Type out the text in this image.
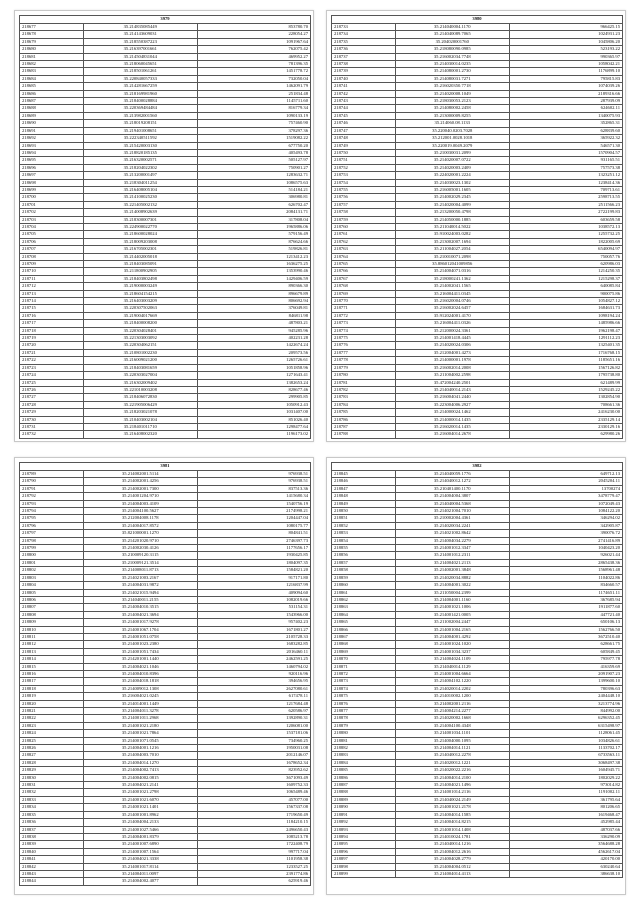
3979		
218677	35.214835085449	853780.70
218678	35.214143609031	228054.27
218679	35.218550387223	1091967.64
218680	35.216397001661	762075.42
218681	35.214504831044	469952.27
218682	35.218060045651	781396.35
218683	35.218501061261	1451778.72
218684	35.220840057333	732050.04
218685	35.214281667259	1462091.79
218686	35.218169981960	251834.48
218687	35.218400028884	1145711.60
218688	35.220369484484	816779.34
218689	35.213982001560	1090133.19
218690	35.218019208151	757460.90
218691	35.219401008651	378297.36
218692	35.222340511592	1519082.22
218693	35.215420003130	677750.20
218694	35.218820185135	405493.78
218695	35.216320002571	505127.97
218696	35.218204022302	750901.27
218697	35.213200001497	1283632.71
218698	35.218304011254	1086575.63
218699	35.216408005104	514184.21
218700	35.214100025230	306980.81
218701	35.221405002132	626702.47
218702	35.214008902639	2084131.71
218703	35.218300007301	317808.04
218704	35.224900022770	1965886.06
218705	35.218600028024	579156.49
218706	35.218009203008	876624.66
218707	35.216705002301	519826.81
218708	35.214402005018	1213412.23
218709	35.218403085091	1636275.25
218710	35.211800902905	1353990.46
218711	35.218403802498	1429406.59
218712	35.219000003249	890366.30
218713	35.218604154215	896679.89
218714	35.216403003209	806692.94
218715	35.220307502063	376049.81
218716	35.219004017669	846811.98
218717	35.218400008200	487803.21
218718	35.220304028401	945285.96
218719	35.221303003092	402231.28
218720	35.220304062151	1422674.24
218721	35.210801002230	209573.56
218722	35.216009021200	1265726.61
218723	35.218403081659	1051858.96
218724	35.220303027004	1271643.41
218725	35.216302009402	1382653.24
218726	35.221010003208	828677.46
218727	35.218406072830	299905.85
218728	35.221905006429	1050912.43
218729	35.218203021078	1031407.00
218730	35.210403002104	851026.40
218731	35.218401011710	1298477.64
218732	35.216408002320	1196173.02
3980		
218733	35.214040004.1170	966425.15
218734	35.214040089.7065	1024931.23
218735	35.204020001760	1045806.20
218736	35.218080090.0985	523193.22
218737	35.216002034.7748	990365.97
218738	35.214030014.0235	1058042.21
218739	35.214080001.2730	1176899.10
218740	35.214080031.7271	795815.83
218741	35.216020350.7718	1074039.26
218742	35.214020008.1049	2189316.66
218743	35.218030053.2123	287939.09
218744	35.214080002.2458	624602.11
218745	35.213000009.8255	1340075.93
218746	35.214060.08.1133	352865.31
218747	35.220040.0203.7028	628839.60
218748	35.212001.0028.1018	365922.32
218749	35.220019.0049.2079	546571.30
218750	35.210030031.2099	1570904.57
218751	35.214020007.0722	931165.51
218752	35.214020003.2409	757573.38
218753	35.224020001.2224	1323251.12
218754	35.214030023.1302	1238414.36
218755	35.216005001.1605	709713.61
218756	35.214002029.2345	2598713.55
218757	35.214020004.4099	2511566.23
218758	35.213200050.4798	2722199.83
218759	35.214050000.1885	603659.58
218760	35.211040014.5022	1038572.13
218761	35.910024003.0282	1255732.25
218762	35.213002007.1694	1822005.69
218763	35.211004027.2054	6540094.97
218764	35.210010071.2098	750057.76
218765	35.886012041009856	620986.03
218766	35.214004071.0316	1214250.35
218767	35.218000241.1362	1215298.37
218768	35.214002041.1565	640085.84
218769	35.216004411.0345	900075.86
218770	35.216020004.0746	1054827.12
218771	35.216002024.6457	1684631.73
218772	35.912024001.4170	1098194.24
218773	35.216004411.0326	1485986.66
218774	35.212000024.3361	1962198.47
218775	35.214001418.4445	1291112.23
218776	35.214020024.0306	1325401.35
218777	35.212004001.4273	1716768.15
218778	35.214000001.1978	1185651.16
218779	35.216002014.2008	1567126.82
218780	35.211004002.2598	1795738.80
218781	35.472004240.2501	621489.99
218782	35.214040014.2143	1529245.22
218783	35.216004041.2440	1302854.90
218784	35.223004006.2927	708661.36
218785	35.214000024.1462	2416230.00
218786	35.214000014.1435	2335129.14
218787	35.216020014.1435	2330129.16
218788	35.216004014.2678	629980.26
3981		
218789	35.214002001.5114	976938.51
218790	35.214002001.4256	976938.51
218791	35.214002001.7300	837513.36
218792	35.214001204.9710	1415680.34
218793	35.214004003.4109	1540756.19
218794	35.214004100.5627	2174998.21
218795	35.212004008.1178	1204447.04
218796	35.214004017.8572	1080175.77
218797	35.821000001.1270	804841.51
218798	35.214201020.9710	2746397.73
218799	35.214002030.4126	1177656.17
218800	35.210009120.3115	1930425.85
218801	35.210009121.3514	1804097.35
218802	35.214008011.8713	1584821.20
218803	35.214021003.2167	917171.80
218804	35.214004031.9872	1216837.99
218805	35.214021015.9494	409094.60
218806	35.214040011.2155	1082019.66
218807	35.214004010.3515	531154.31
218808	35.214004021.3694	1543966.00
218809	35.214001017.9278	957402.23
218810	35.214001067.1704	1671801.27
218811	35.214001051.0758	2105728.33
218812	35.214001023.2380	1683282.85
218813	35.214001051.7434	2016460.11
218814	35.214201001.1440	2462591.25
218815	35.214004021.1046	1460794.02
218816	35.214004010.8396	920116.96
218817	35.214004018.1818	394656.95
218818	35.214009012.1308	2627080.61
218819	35.216004021.0245	617478.11
218820	35.214014001.1449	1217684.48
218821	35.214004011.3278	620586.97
218822	35.214001011.2968	1392890.31
218823	35.214001021.2180	1206081.00
218824	35.214001021.7864	1537181.06
218825	35.214001071.0545	734960.25
218826	35.214004001.1216	1950031.08
218827	35.214004003.7010	2012146.07
218828	35.214004014.1270	1678652.34
218829	35.214004002.7413	823952.62
218830	35.214004002.0815	3671093.49
218831	35.214004021.2141	1609752.33
218832	35.214001021.2798	1065489.46
218833	35.214001021.6070	457077.00
218834	35.214001021.1401	1567337.08
218835	35.214001001.8962	1719650.49
218836	35.214004004.2133	1184210.15
218837	35.214001027.5466	2496650.43
218838	35.214004001.8379	1085213.78
218839	35.214001007.6890	1722408.79
218840	35.214001007.1564	997717.04
218841	35.214004021.3338	1101958.38
218842	35.214001017.8114	1233527.25
218843	35.214004011.0097	2391774.86
218844	35.214004002.4077	625919.46
3982		
218845	35.214040059.1776	649712.13
218846	35.214040012.1272	2045204.11
218847	35.210401400.1170	13700274
218848	35.214004004.3807	3478779.47
218849	35.214040004.5368	1072049.43
218850	35.214021004.7010	1084122.20
218851	35.210002004.4361	346294.02
218852	35.214020034.2241	342905.87
218853	35.214021002.8642	390076.72
218854	35.214004034.2279	2741416.89
218855	35.214001012.3347	1040423.20
218856	35.214001012.2311	926021.44
218857	35.214004021.2113	2865438.36
218858	35.214002001.3848	1568961.48
218859	35.214020034.8882	1104022.86
218860	35.214004001.3022	834660.57
218861	35.211050004.2399	1174651.11
218862	35.214004001.1160	367685.94
218863	35.214001021.1006	1911877.60
218864	35.214001421.0005	447721.40
218865	35.211002004.2447	650106.13
218866	35.214001004.2165	1562766.50
218867	35.214004001.4292	3672510.40
218868	35.214001024.1020	628661.75
218869	35.214001034.3237	605849.45
218870	35.214004024.1109	795977.78
218871	35.214040014.1129	416359.69
218872	35.214001004.6664	2091907.23
218873	35.214004102.1220	1399600.10
218874	35.214020014.2202	780396.63
218875	35.214010002.1200	2404448.10
218876	35.214002001.2116	3213774.96
218877	35.214004214.2277	844992.00
218878	35.214020002.1668	6296352.45
218879	35.214004100.4348	6315498.97
218880	35.214001034.1101	1128061.45
218881	35.214004000.1095	1034826.61
218882	35.214004014.1121	1133702.17
218883	35.214040012.2278	6733563.11
218884	35.214020012.1221	3068497.38
218885	35.214020022.2216	1604945.71
218886	35.214004014.2100	1802029.22
218887	35.214004021.1496	973014.82
218888	35.214001014.2116	1191002.11
218889	35.214040024.2149	361795.64
218890	35.214001021.2178	801206.65
218891	35.214004014.1585	1619468.47
218892	35.214004014.8215	452985.44
218893	35.214001014.1408	487037.66
218894	35.214010024.1781	336290.09
218895	35.214040014.1216	3564688.28
218896	35.214004012.2616	4562617.04
218897	35.214004028.2779	420170.00
218898	35.214004004.0512	630240.64
218899	35.214004014.4113	386638.10
